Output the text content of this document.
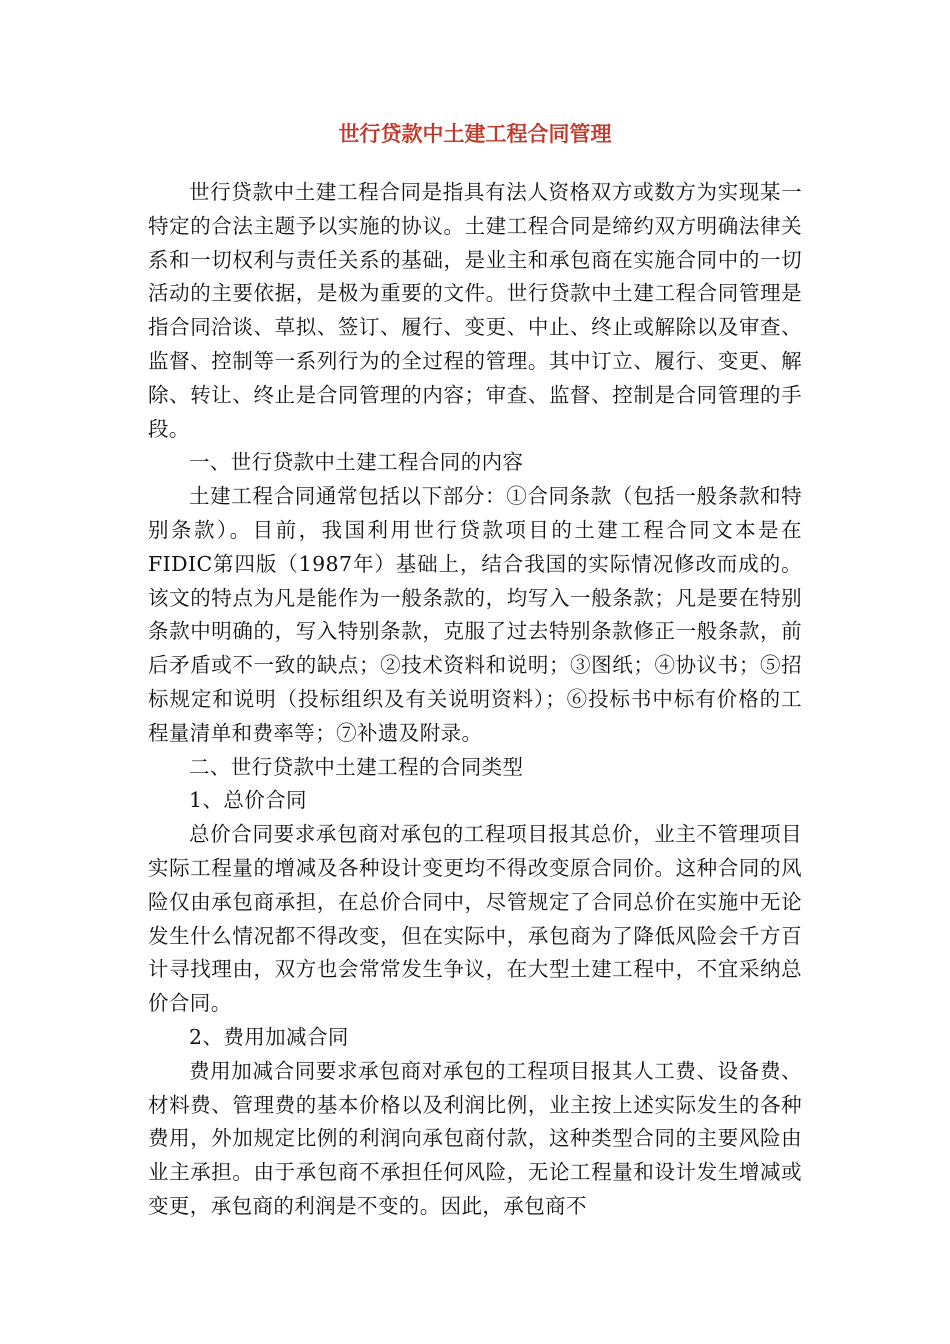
世行贷款中土建工程合同管理

世行贷款中土建工程合同是指具有法人资格双方或数方为实现某一特定的合法主题予以实施的协议。土建工程合同是缔约双方明确法律关系和一切权利与责任关系的基础，是业主和承包商在实施合同中的一切活动的主要依据，是极为重要的文件。世行贷款中土建工程合同管理是指合同洽谈、草拟、签订、履行、变更、中止、终止或解除以及审查、监督、控制等一系列行为的全过程的管理。其中订立、履行、变更、解除、转让、终止是合同管理的内容；审查、监督、控制是合同管理的手段。

一、世行贷款中土建工程合同的内容

土建工程合同通常包括以下部分：①合同条款（包括一般条款和特别条款）。目前，我国利用世行贷款项目的土建工程合同文本是在FIDIC第四版（1987年）基础上，结合我国的实际情况修改而成的。该文的特点为凡是能作为一般条款的，均写入一般条款；凡是要在特别条款中明确的，写入特别条款，克服了过去特别条款修正一般条款，前后矛盾或不一致的缺点；②技术资料和说明；③图纸；④协议书；⑤招标规定和说明（投标组织及有关说明资料）；⑥投标书中标有价格的工程量清单和费率等；⑦补遗及附录。

二、世行贷款中土建工程的合同类型

1、总价合同

总价合同要求承包商对承包的工程项目报其总价，业主不管理项目实际工程量的增减及各种设计变更均不得改变原合同价。这种合同的风险仅由承包商承担，在总价合同中，尽管规定了合同总价在实施中无论发生什么情况都不得改变，但在实际中，承包商为了降低风险会千方百计寻找理由，双方也会常常发生争议，在大型土建工程中，不宜采纳总价合同。

2、费用加减合同

费用加减合同要求承包商对承包的工程项目报其人工费、设备费、材料费、管理费的基本价格以及利润比例，业主按上述实际发生的各种费用，外加规定比例的利润向承包商付款，这种类型合同的主要风险由业主承担。由于承包商不承担任何风险，无论工程量和设计发生增减或变更，承包商的利润是不变的。因此，承包商不
